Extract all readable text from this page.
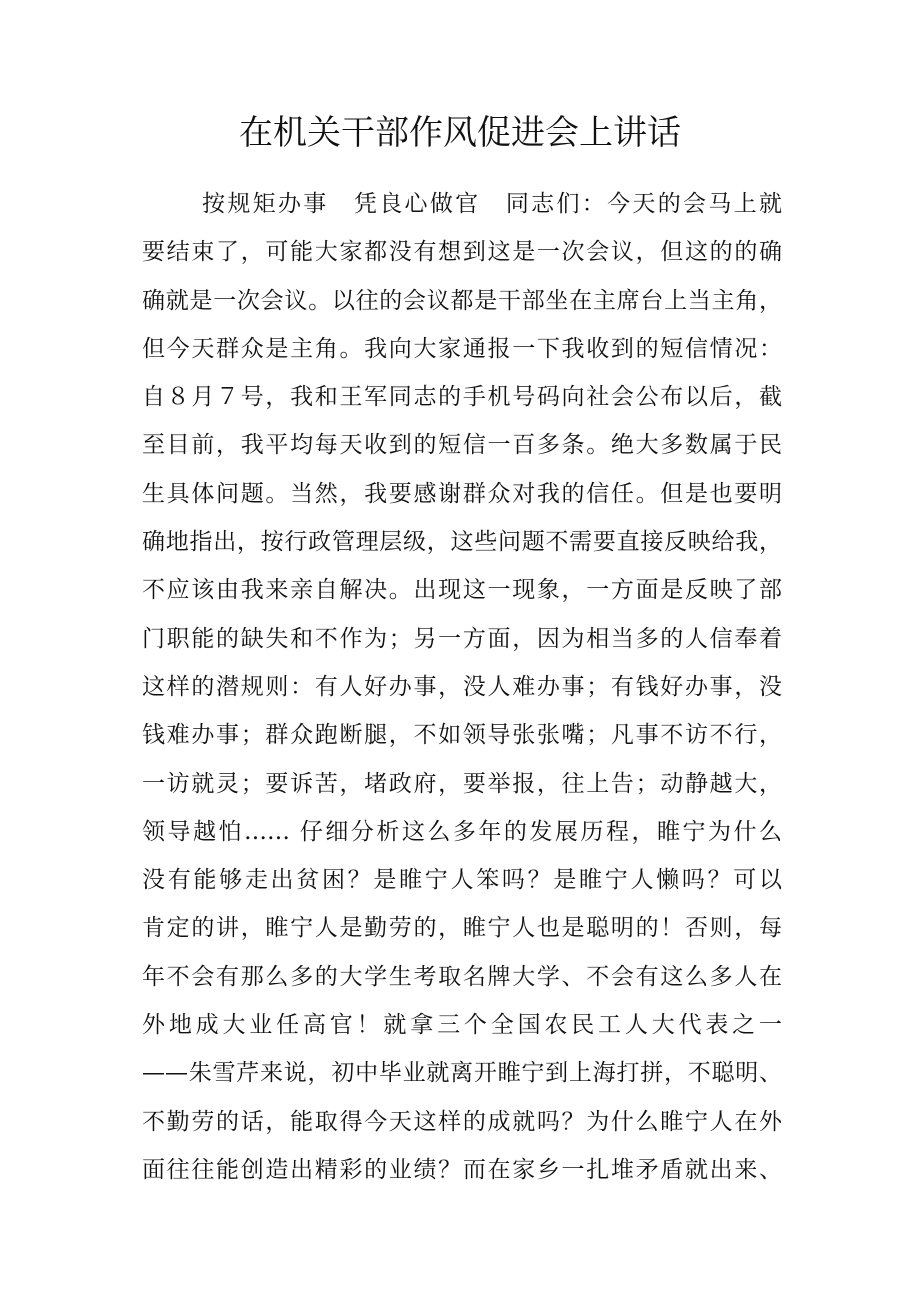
在机关干部作风促进会上讲话
按规矩办事　凭良心做官　同志们：今天的会马上就
要结束了，可能大家都没有想到这是一次会议，但这的的确
确就是一次会议。以往的会议都是干部坐在主席台上当主角，
但今天群众是主角。我向大家通报一下我收到的短信情况：
自８月７号，我和王军同志的手机号码向社会公布以后，截
至目前，我平均每天收到的短信一百多条。绝大多数属于民
生具体问题。当然，我要感谢群众对我的信任。但是也要明
确地指出，按行政管理层级，这些问题不需要直接反映给我，
不应该由我来亲自解决。出现这一现象，一方面是反映了部
门职能的缺失和不作为；另一方面，因为相当多的人信奉着
这样的潜规则：有人好办事，没人难办事；有钱好办事，没
钱难办事；群众跑断腿，不如领导张张嘴；凡事不访不行，
一访就灵；要诉苦，堵政府，要举报，往上告；动静越大，
领导越怕…… 仔细分析这么多年的发展历程，睢宁为什么
没有能够走出贫困？是睢宁人笨吗？是睢宁人懒吗？可以
肯定的讲，睢宁人是勤劳的，睢宁人也是聪明的！否则，每
年不会有那么多的大学生考取名牌大学、不会有这么多人在
外地成大业任高官！就拿三个全国农民工人大代表之一
——朱雪芹来说，初中毕业就离开睢宁到上海打拼，不聪明、
不勤劳的话，能取得今天这样的成就吗？为什么睢宁人在外
面往往能创造出精彩的业绩？而在家乡一扎堆矛盾就出来、
